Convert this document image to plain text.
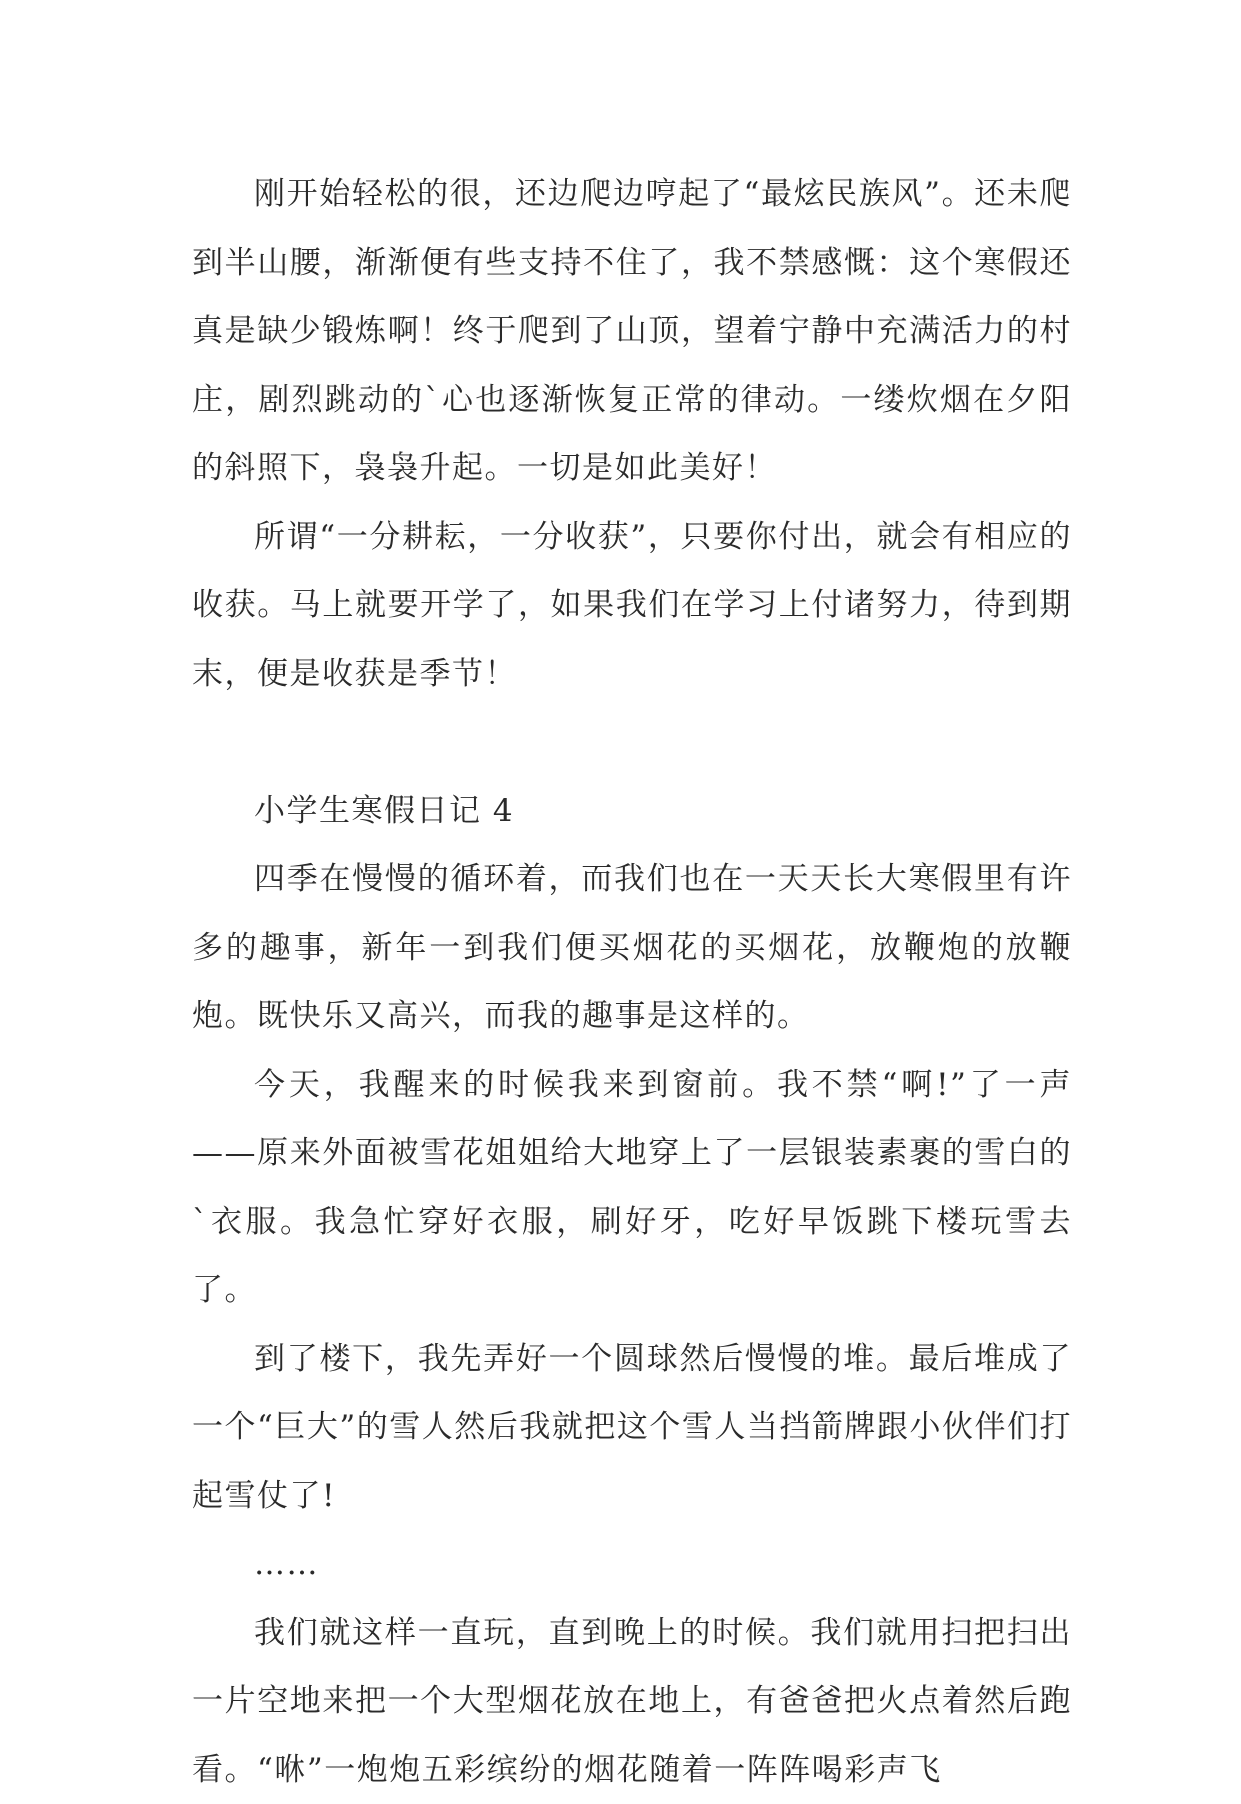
刚开始轻松的很，还边爬边哼起了“最炫民族风”。还未爬到半山腰，渐渐便有些支持不住了，我不禁感慨：这个寒假还真是缺少锻炼啊！终于爬到了山顶，望着宁静中充满活力的村庄，剧烈跳动的`心也逐渐恢复正常的律动。一缕炊烟在夕阳的斜照下，袅袅升起。一切是如此美好！

所谓“一分耕耘，一分收获”，只要你付出，就会有相应的收获。马上就要开学了，如果我们在学习上付诸努力，待到期末，便是收获是季节！

小学生寒假日记 4

四季在慢慢的循环着，而我们也在一天天长大寒假里有许多的趣事，新年一到我们便买烟花的买烟花，放鞭炮的放鞭炮。既快乐又高兴，而我的趣事是这样的。

今天，我醒来的时候我来到窗前。我不禁“啊!”了一声——原来外面被雪花姐姐给大地穿上了一层银装素裹的雪白的`衣服。我急忙穿好衣服，刷好牙，吃好早饭跳下楼玩雪去了。

到了楼下，我先弄好一个圆球然后慢慢的堆。最后堆成了一个“巨大”的雪人然后我就把这个雪人当挡箭牌跟小伙伴们打起雪仗了!

……

我们就这样一直玩，直到晚上的时候。我们就用扫把扫出一片空地来把一个大型烟花放在地上，有爸爸把火点着然后跑看。“咻”一炮炮五彩缤纷的烟花随着一阵阵喝彩声飞
